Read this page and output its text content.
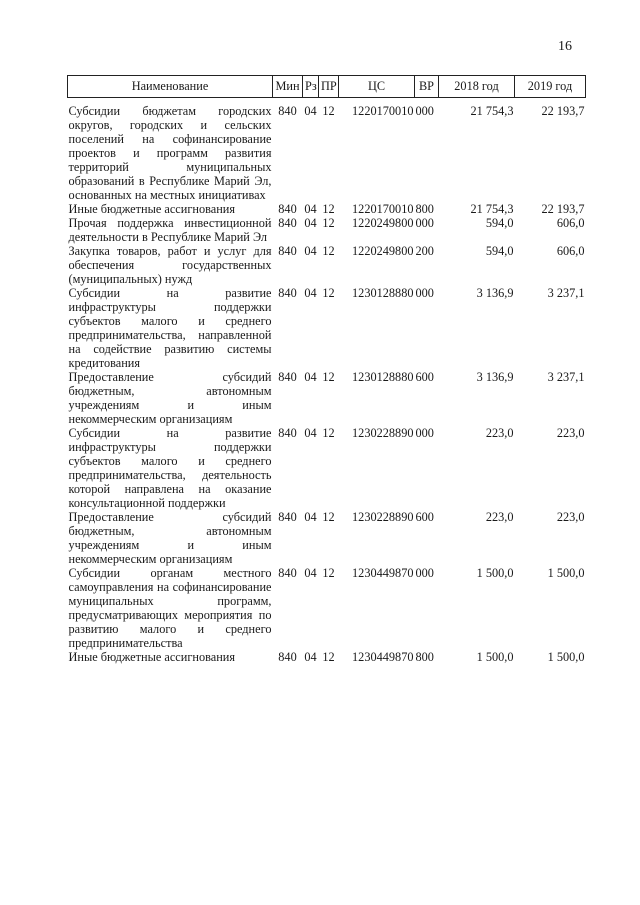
16
Наименование	Мин	Рз	ПР	ЦС	ВР	2018 год	2019 год

Субсидии бюджетам городских округов, городских и сельских поселений на софинансирование проектов и программ развития территорий муниципальных образований в Республике Марий Эл, основанных на местных инициативах	840	04	12	1220170010	000	21 754,3	22 193,7
Иные бюджетные ассигнования	840	04	12	1220170010	800	21 754,3	22 193,7
Прочая поддержка инвестиционной деятельности в Республике Марий Эл	840	04	12	1220249800	000	594,0	606,0
Закупка товаров, работ и услуг для обеспечения государственных (муниципальных) нужд	840	04	12	1220249800	200	594,0	606,0
Субсидии на развитие инфраструктуры поддержки субъектов малого и среднего предпринимательства, направленной на содействие развитию системы кредитования	840	04	12	1230128880	000	3 136,9	3 237,1
Предоставление субсидий бюджетным, автономным учреждениям и иным некоммерческим организациям	840	04	12	1230128880	600	3 136,9	3 237,1
Субсидии на развитие инфраструктуры поддержки субъектов малого и среднего предпринимательства, деятельность которой направлена на оказание консультационной поддержки	840	04	12	1230228890	000	223,0	223,0
Предоставление субсидий бюджетным, автономным учреждениям и иным некоммерческим организациям	840	04	12	1230228890	600	223,0	223,0
Субсидии органам местного самоуправления на софинансирование муниципальных программ, предусматривающих мероприятия по развитию малого и среднего предпринимательства	840	04	12	1230449870	000	1 500,0	1 500,0
Иные бюджетные ассигнования	840	04	12	1230449870	800	1 500,0	1 500,0
